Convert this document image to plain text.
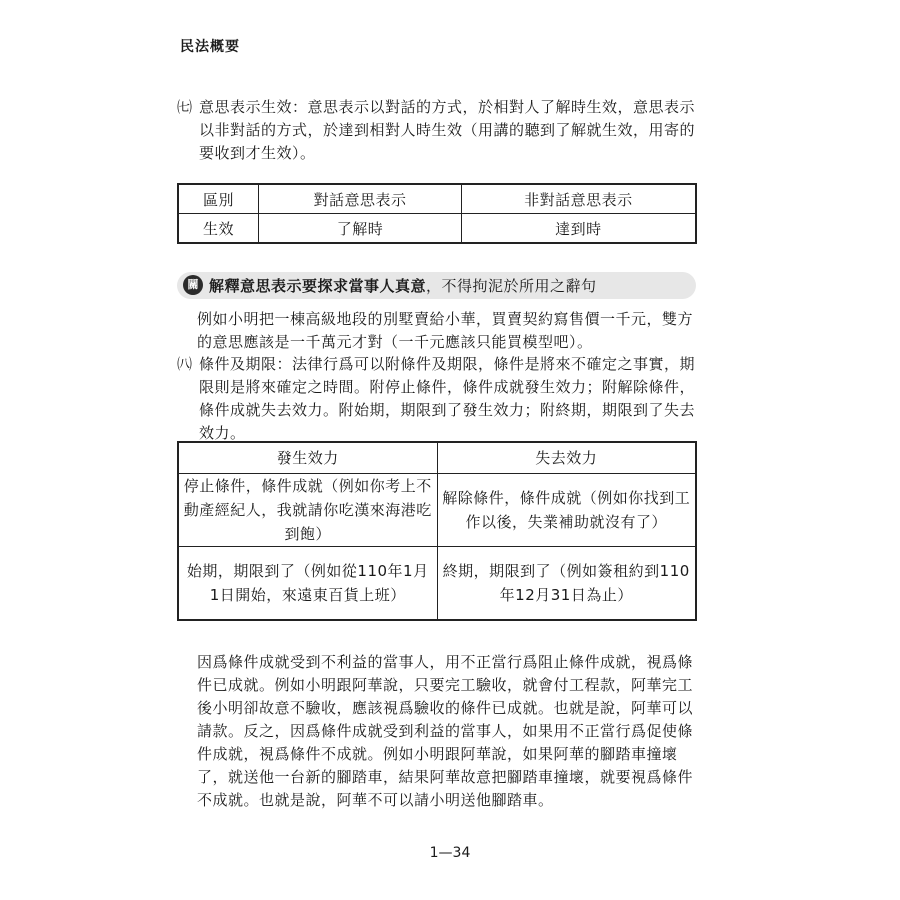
民法概要
㈦ 意思表示生效：意思表示以對話的方式，於相對人了解時生效，意思表示以非對話的方式，於達到相對人時生效（用講的聽到了解就生效，用寄的要收到才生效）。
區別	對話意思表示	非對話意思表示
生效	了解時	達到時
關 解釋意思表示要探求當事人真意，不得拘泥於所用之辭句
例如小明把一棟高級地段的別墅賣給小華，買賣契約寫售價一千元，雙方的意思應該是一千萬元才對（一千元應該只能買模型吧）。
㈧ 條件及期限：法律行爲可以附條件及期限，條件是將來不確定之事實，期限則是將來確定之時間。附停止條件，條件成就發生效力；附解除條件，條件成就失去效力。附始期，期限到了發生效力；附終期，期限到了失去效力。
發生效力	失去效力
停止條件，條件成就（例如你考上不動產經紀人，我就請你吃漢來海港吃到飽）	解除條件，條件成就（例如你找到工作以後，失業補助就沒有了）
始期，期限到了（例如從110年1月1日開始，來遠東百貨上班）	終期，期限到了（例如簽租約到110年12月31日為止）
因爲條件成就受到不利益的當事人，用不正當行爲阻止條件成就，視爲條件已成就。例如小明跟阿華說，只要完工驗收，就會付工程款，阿華完工後小明卻故意不驗收，應該視爲驗收的條件已成就。也就是說，阿華可以請款。反之，因爲條件成就受到利益的當事人，如果用不正當行爲促使條件成就，視爲條件不成就。例如小明跟阿華說，如果阿華的腳踏車撞壞了，就送他一台新的腳踏車，結果阿華故意把腳踏車撞壞，就要視爲條件不成就。也就是說，阿華不可以請小明送他腳踏車。
1—34
